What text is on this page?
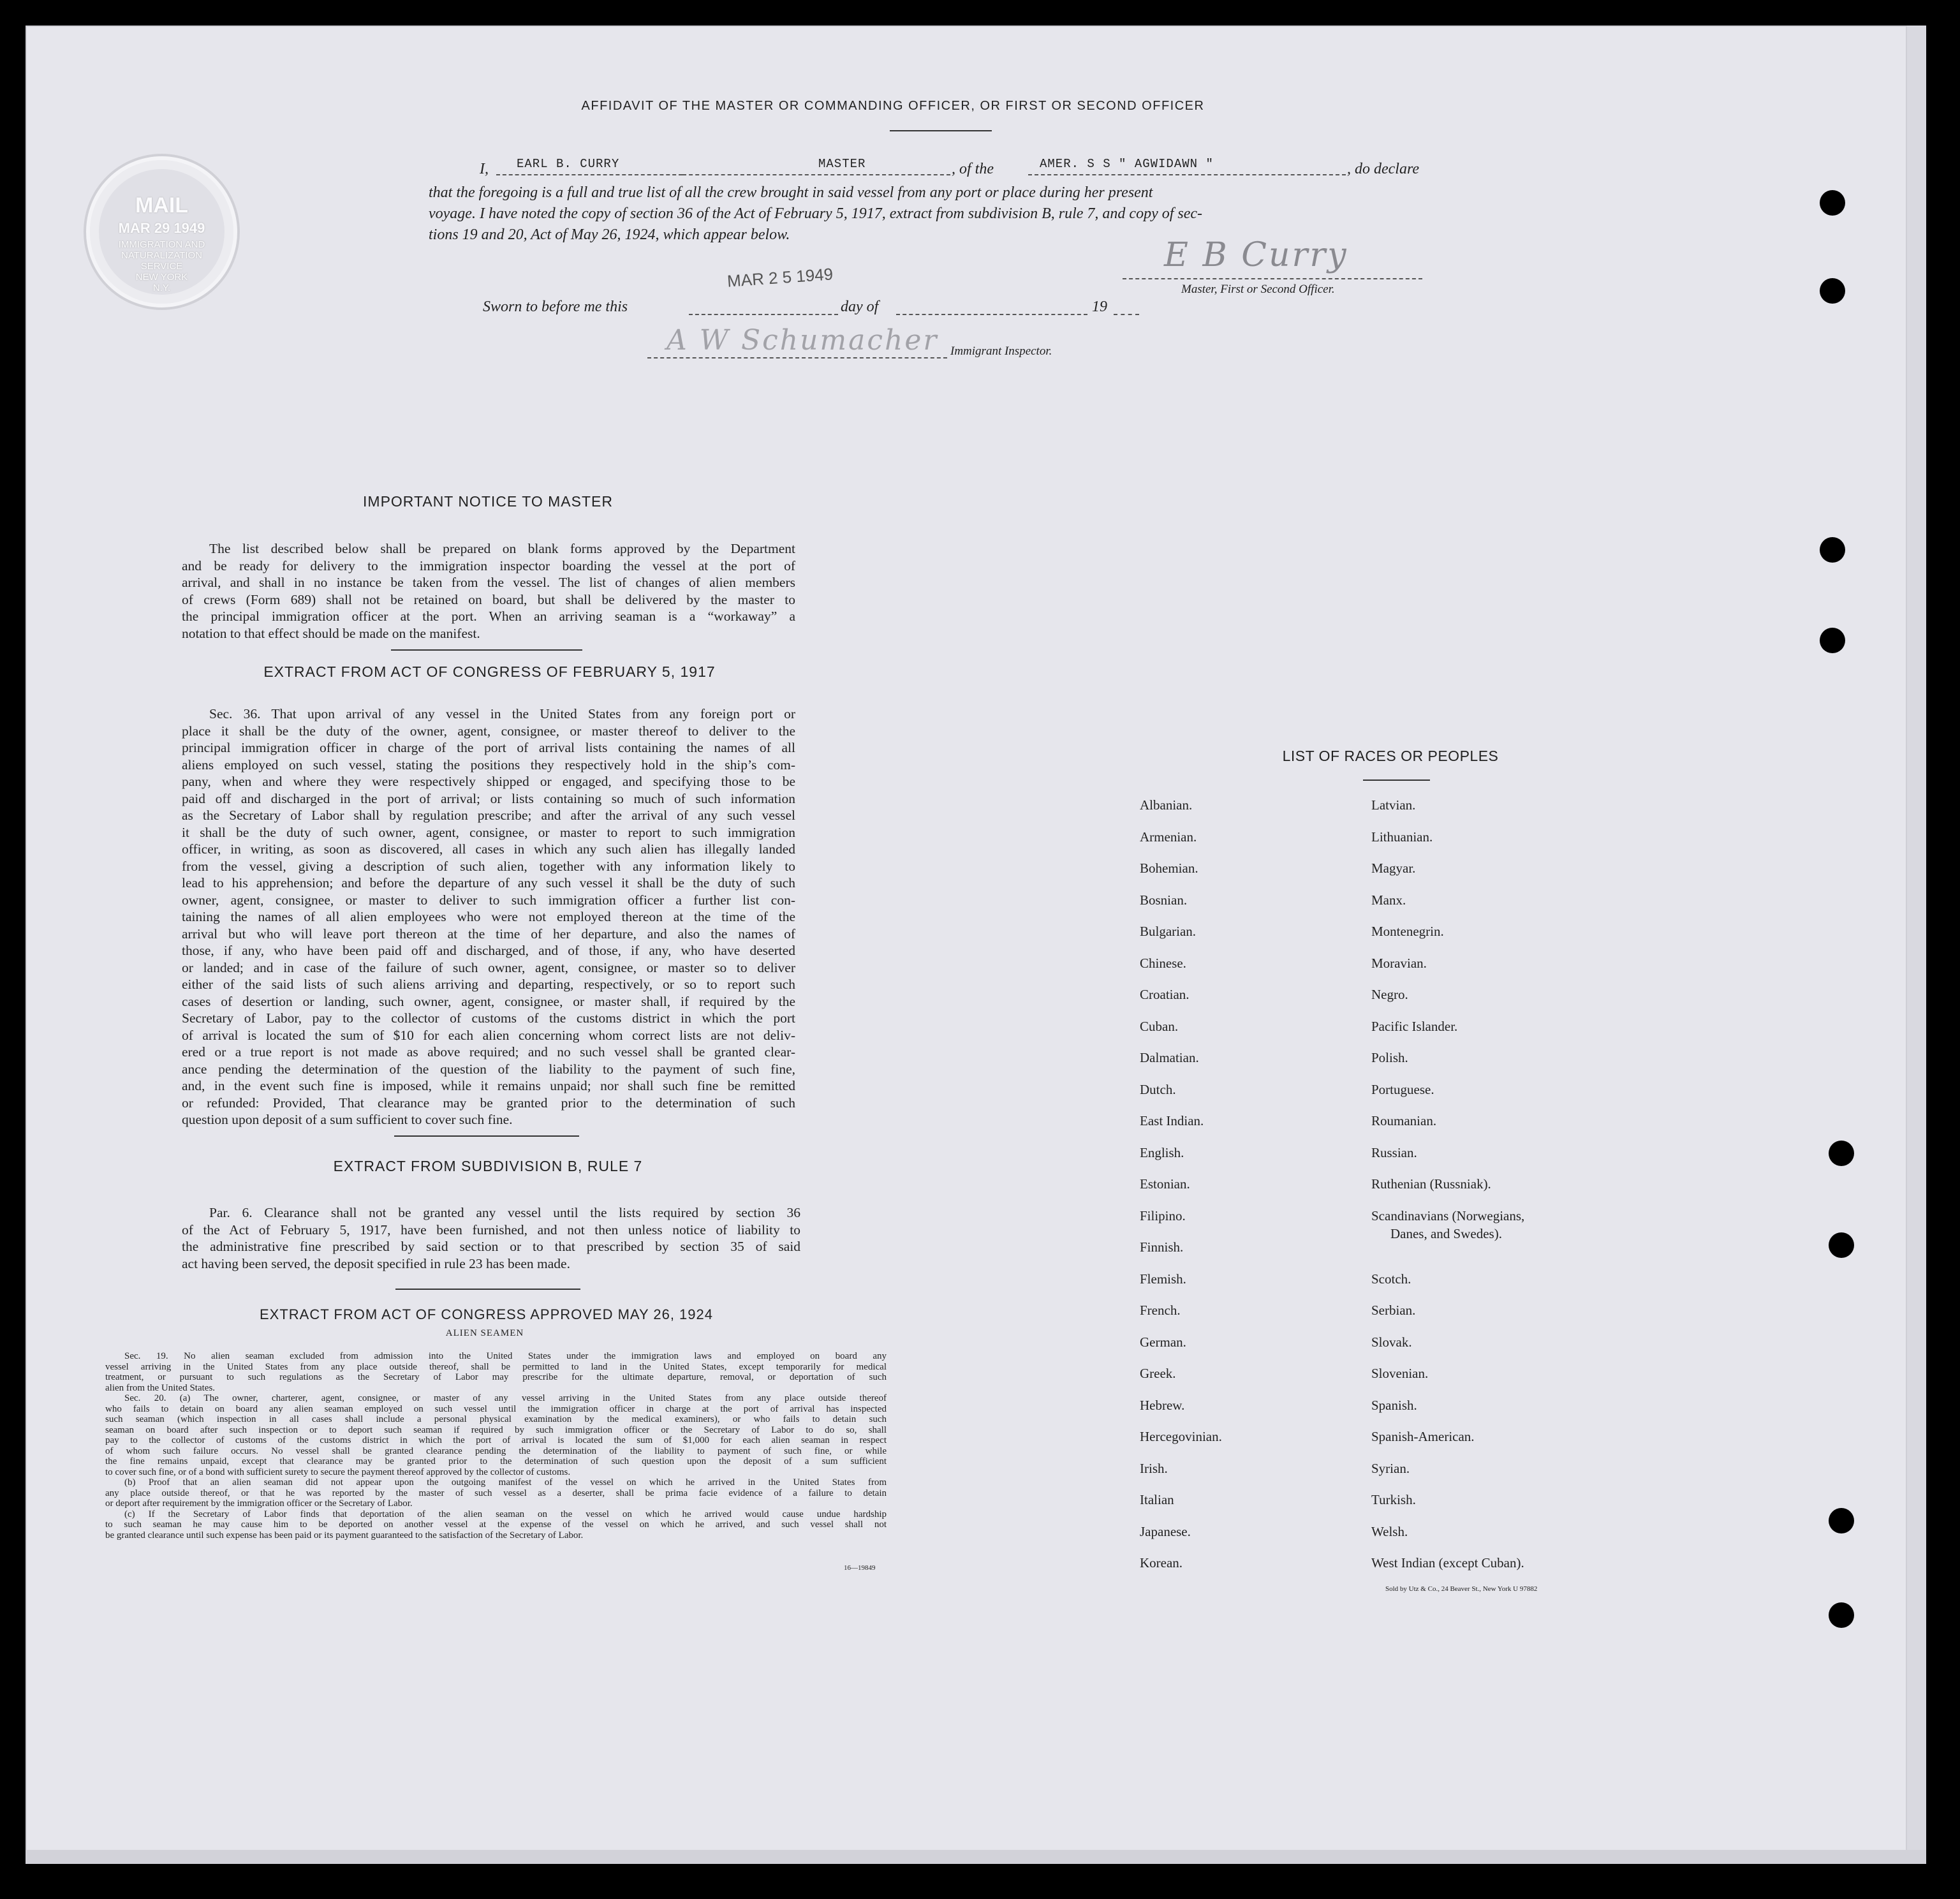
AFFIDAVIT OF THE MASTER OR COMMANDING OFFICER, OR FIRST OR SECOND OFFICER
MAIL
MAR 29 1949
IMMIGRATION AND
NATURALIZATION
SERVICE
NEW YORK
N.Y.
I, EARL B. CURRY	MASTER	, of the	AMER. S S " AGWIDAWN "	, do declare
that the foregoing is a full and true list of all the crew brought in said vessel from any port or place during her present
voyage. I have noted the copy of section 36 of the Act of February 5, 1917, extract from subdivision B, rule 7, and copy of sec-
tions 19 and 20, Act of May 26, 1924, which appear below.
E B Curry
Master, First or Second Officer.
Sworn to before me this
MAR 2 5 1949
day of	19
A W Schumacher Immigrant Inspector.
IMPORTANT NOTICE TO MASTER
The list described below shall be prepared on blank forms approved by the Department
and be ready for delivery to the immigration inspector boarding the vessel at the port of
arrival, and shall in no instance be taken from the vessel. The list of changes of alien members
of crews (Form 689) shall not be retained on board, but shall be delivered by the master to
the principal immigration officer at the port. When an arriving seaman is a “workaway” a
notation to that effect should be made on the manifest.
EXTRACT FROM ACT OF CONGRESS OF FEBRUARY 5, 1917
Sec. 36. That upon arrival of any vessel in the United States from any foreign port or
place it shall be the duty of the owner, agent, consignee, or master thereof to deliver to the
principal immigration officer in charge of the port of arrival lists containing the names of all
aliens employed on such vessel, stating the positions they respectively hold in the ship’s com-
pany, when and where they were respectively shipped or engaged, and specifying those to be
paid off and discharged in the port of arrival; or lists containing so much of such information
as the Secretary of Labor shall by regulation prescribe; and after the arrival of any such vessel
it shall be the duty of such owner, agent, consignee, or master to report to such immigration
officer, in writing, as soon as discovered, all cases in which any such alien has illegally landed
from the vessel, giving a description of such alien, together with any information likely to
lead to his apprehension; and before the departure of any such vessel it shall be the duty of such
owner, agent, consignee, or master to deliver to such immigration officer a further list con-
taining the names of all alien employees who were not employed thereon at the time of the
arrival but who will leave port thereon at the time of her departure, and also the names of
those, if any, who have been paid off and discharged, and of those, if any, who have deserted
or landed; and in case of the failure of such owner, agent, consignee, or master so to deliver
either of the said lists of such aliens arriving and departing, respectively, or so to report such
cases of desertion or landing, such owner, agent, consignee, or master shall, if required by the
Secretary of Labor, pay to the collector of customs of the customs district in which the port
of arrival is located the sum of $10 for each alien concerning whom correct lists are not deliv-
ered or a true report is not made as above required; and no such vessel shall be granted clear-
ance pending the determination of the question of the liability to the payment of such fine,
and, in the event such fine is imposed, while it remains unpaid; nor shall such fine be remitted
or refunded: Provided, That clearance may be granted prior to the determination of such
question upon deposit of a sum sufficient to cover such fine.
EXTRACT FROM SUBDIVISION B, RULE 7
Par. 6. Clearance shall not be granted any vessel until the lists required by section 36
of the Act of February 5, 1917, have been furnished, and not then unless notice of liability to
the administrative fine prescribed by said section or to that prescribed by section 35 of said
act having been served, the deposit specified in rule 23 has been made.
EXTRACT FROM ACT OF CONGRESS APPROVED MAY 26, 1924
ALIEN SEAMEN
Sec. 19. No alien seaman excluded from admission into the United States under the immigration laws and employed on board any
vessel arriving in the United States from any place outside thereof, shall be permitted to land in the United States, except temporarily for medical
treatment, or pursuant to such regulations as the Secretary of Labor may prescribe for the ultimate departure, removal, or deportation of such
alien from the United States.
Sec. 20. (a) The owner, charterer, agent, consignee, or master of any vessel arriving in the United States from any place outside thereof
who fails to detain on board any alien seaman employed on such vessel until the immigration officer in charge at the port of arrival has inspected
such seaman (which inspection in all cases shall include a personal physical examination by the medical examiners), or who fails to detain such
seaman on board after such inspection or to deport such seaman if required by such immigration officer or the Secretary of Labor to do so, shall
pay to the collector of customs of the customs district in which the port of arrival is located the sum of $1,000 for each alien seaman in respect
of whom such failure occurs. No vessel shall be granted clearance pending the determination of the liability to payment of such fine, or while
the fine remains unpaid, except that clearance may be granted prior to the determination of such question upon the deposit of a sum sufficient
to cover such fine, or of a bond with sufficient surety to secure the payment thereof approved by the collector of customs.
(b) Proof that an alien seaman did not appear upon the outgoing manifest of the vessel on which he arrived in the United States from
any place outside thereof, or that he was reported by the master of such vessel as a deserter, shall be prima facie evidence of a failure to detain
or deport after requirement by the immigration officer or the Secretary of Labor.
(c) If the Secretary of Labor finds that deportation of the alien seaman on the vessel on which he arrived would cause undue hardship
to such seaman he may cause him to be deported on another vessel at the expense of the vessel on which he arrived, and such vessel shall not
be granted clearance until such expense has been paid or its payment guaranteed to the satisfaction of the Secretary of Labor.
16—19849
LIST OF RACES OR PEOPLES
Albanian.
Armenian.
Bohemian.
Bosnian.
Bulgarian.
Chinese.
Croatian.
Cuban.
Dalmatian.
Dutch.
East Indian.
English.
Estonian.
Filipino.
Finnish.
Flemish.
French.
German.
Greek.
Hebrew.
Hercegovinian.
Irish.
Italian
Japanese.
Korean.
Latvian.
Lithuanian.
Magyar.
Manx.
Montenegrin.
Moravian.
Negro.
Pacific Islander.
Polish.
Portuguese.
Roumanian.
Russian.
Ruthenian (Russniak).
Scandinavians (Norwegians,
Danes, and Swedes).
Scotch.
Serbian.
Slovak.
Slovenian.
Spanish.
Spanish-American.
Syrian.
Turkish.
Welsh.
West Indian (except Cuban).
Sold by Utz & Co., 24 Beaver St., New York U 97882
